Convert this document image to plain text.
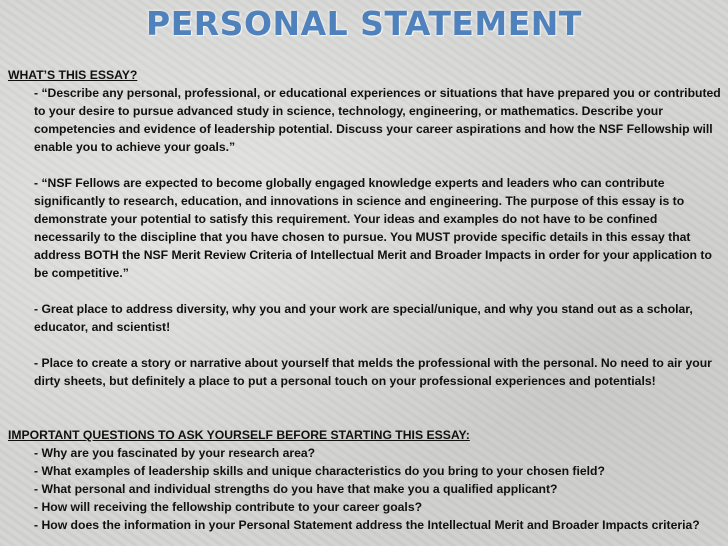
PERSONAL STATEMENT

WHAT’S THIS ESSAY?

- “Describe any personal, professional, or educational experiences or situations that have prepared you or contributed to your desire to pursue advanced study in science, technology, engineering, or mathematics. Describe your competencies and evidence of leadership potential. Discuss your career aspirations and how the NSF Fellowship will enable you to achieve your goals.”

- “NSF Fellows are expected to become globally engaged knowledge experts and leaders who can contribute significantly to research, education, and innovations in science and engineering. The purpose of this essay is to demonstrate your potential to satisfy this requirement. Your ideas and examples do not have to be confined necessarily to the discipline that you have chosen to pursue. You MUST provide specific details in this essay that address BOTH the NSF Merit Review Criteria of Intellectual Merit and Broader Impacts in order for your application to be competitive.”

- Great place to address diversity, why you and your work are special/unique, and why you stand out as a scholar, educator, and scientist!

- Place to create a story or narrative about yourself that melds the professional with the personal. No need to air your dirty sheets, but definitely a place to put a personal touch on your professional experiences and potentials!

IMPORTANT QUESTIONS TO ASK YOURSELF BEFORE STARTING THIS ESSAY:

- Why are you fascinated by your research area?

- What examples of leadership skills and unique characteristics do you bring to your chosen field?

- What personal and individual strengths do you have that make you a qualified applicant?

- How will receiving the fellowship contribute to your career goals?

- How does the information in your Personal Statement address the Intellectual Merit and Broader Impacts criteria?
